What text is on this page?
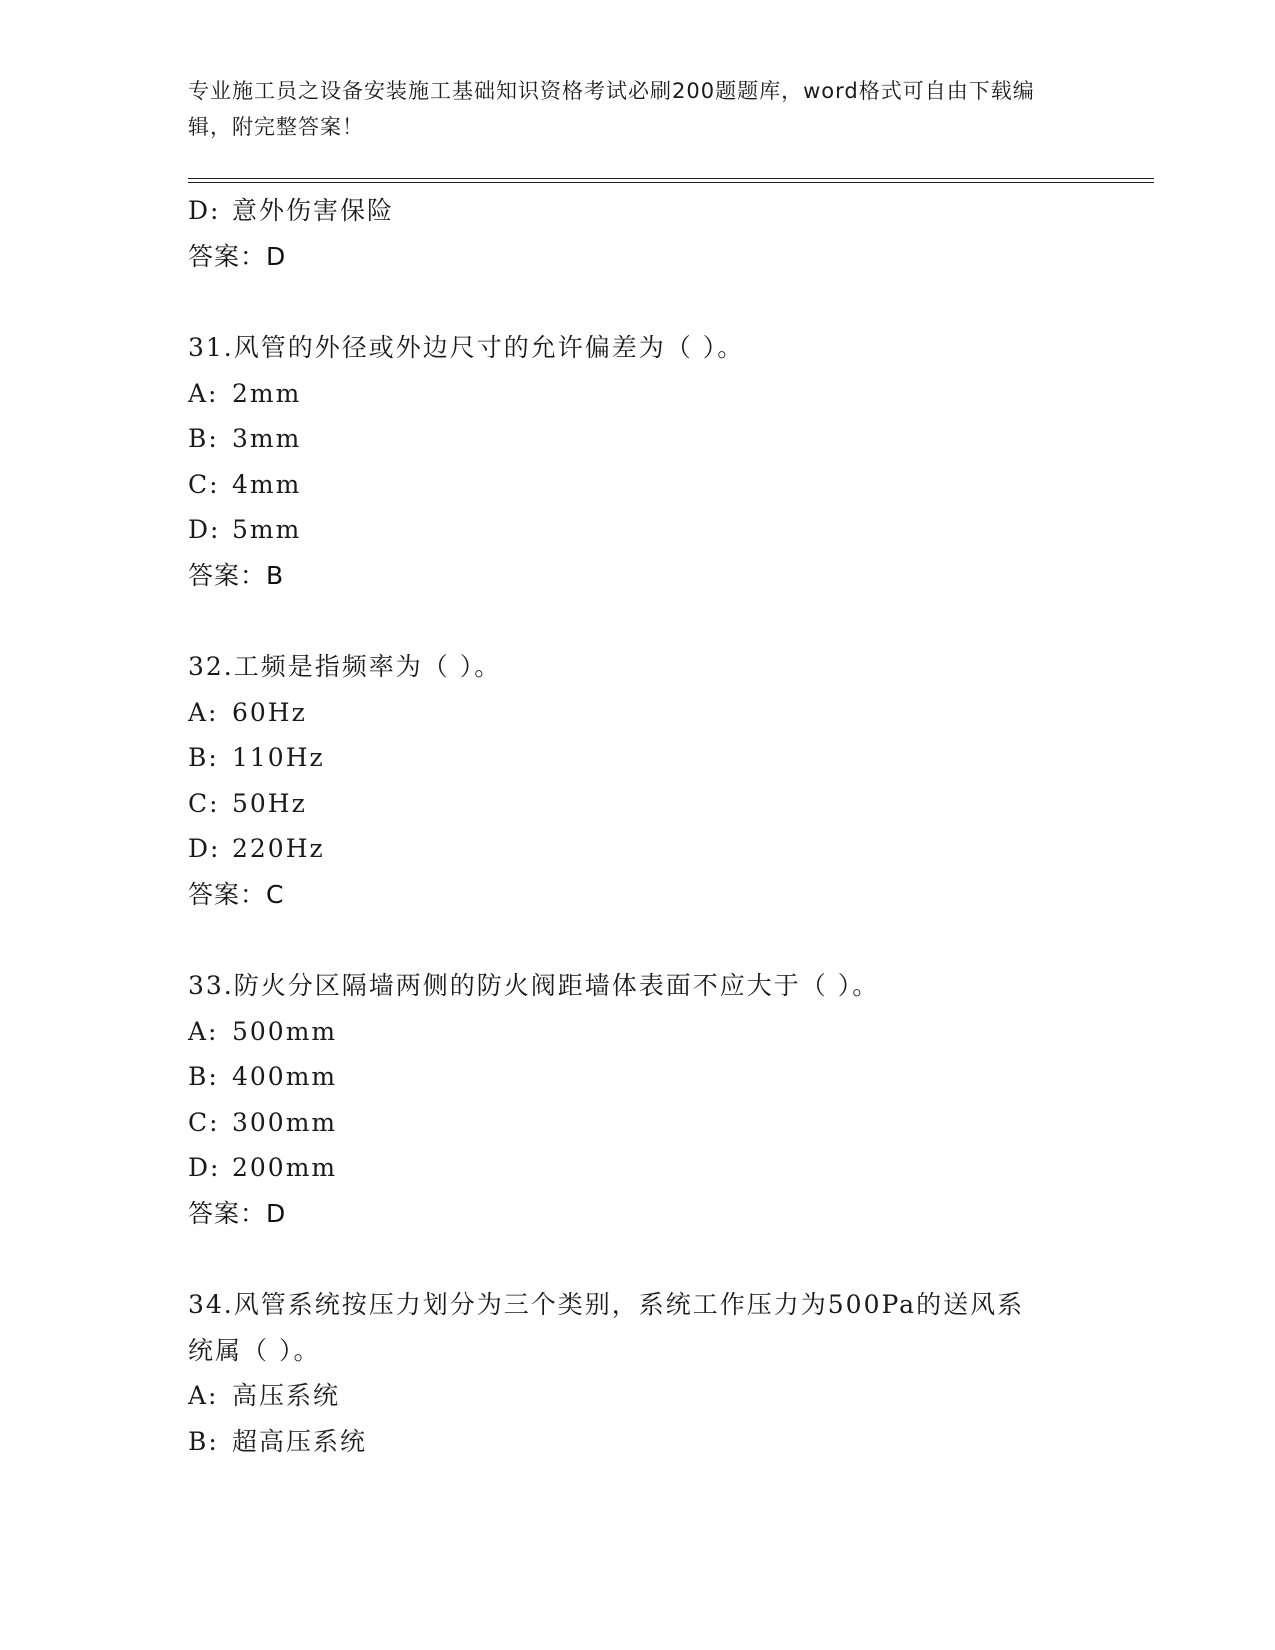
专业施工员之设备安装施工基础知识资格考试必刷200题题库，word格式可自由下载编辑，附完整答案！
D: 意外伤害保险
答案：D
31.风管的外径或外边尺寸的允许偏差为（ ）。
A: 2mm
B: 3mm
C: 4mm
D: 5mm
答案：B
32.工频是指频率为（ ）。
A: 60Hz
B: 110Hz
C: 50Hz
D: 220Hz
答案：C
33.防火分区隔墙两侧的防火阀距墙体表面不应大于（ ）。
A: 500mm
B: 400mm
C: 300mm
D: 200mm
答案：D
34.风管系统按压力划分为三个类别，系统工作压力为500Pa的送风系统属（ ）。
A: 高压系统
B: 超高压系统
